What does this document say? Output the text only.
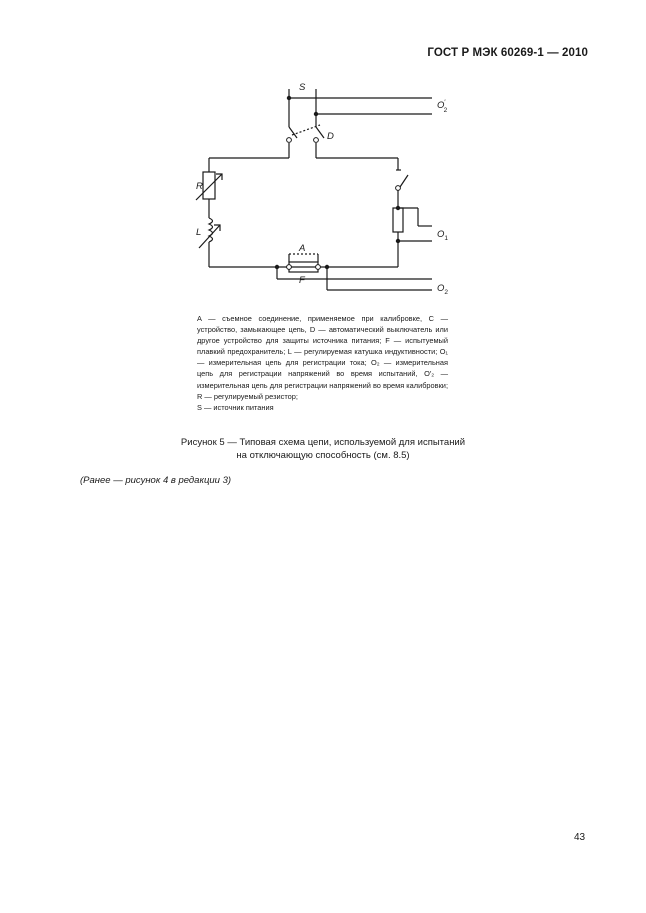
ГОСТ Р МЭК 60269-1 — 2010
S
D
R
L
A
F
O′ 2
$O_1$
$O_2$

A — съемное соединение, применяемое при калибровке, C — устройство, замыкающее цепь, D — автоматический выключатель или другое устройство для защиты источника питания; F — испытуемый плавкий предохранитель; L — регулируемая катушка индуктивности; O₁ — измерительная цепь для регистрации тока; O₂ — измерительная цепь для регистрации напряжений во время испытаний, O′₂ — измерительная цепь для регистрации напряжений во время калибровки; R — регулируемый резистор;

S — источник питания

Рисунок 5 — Типовая схема цепи, используемой для испытаний
на отключающую способность (см. 8.5)
(Ранее — рисунок 4 в редакции 3)
43
